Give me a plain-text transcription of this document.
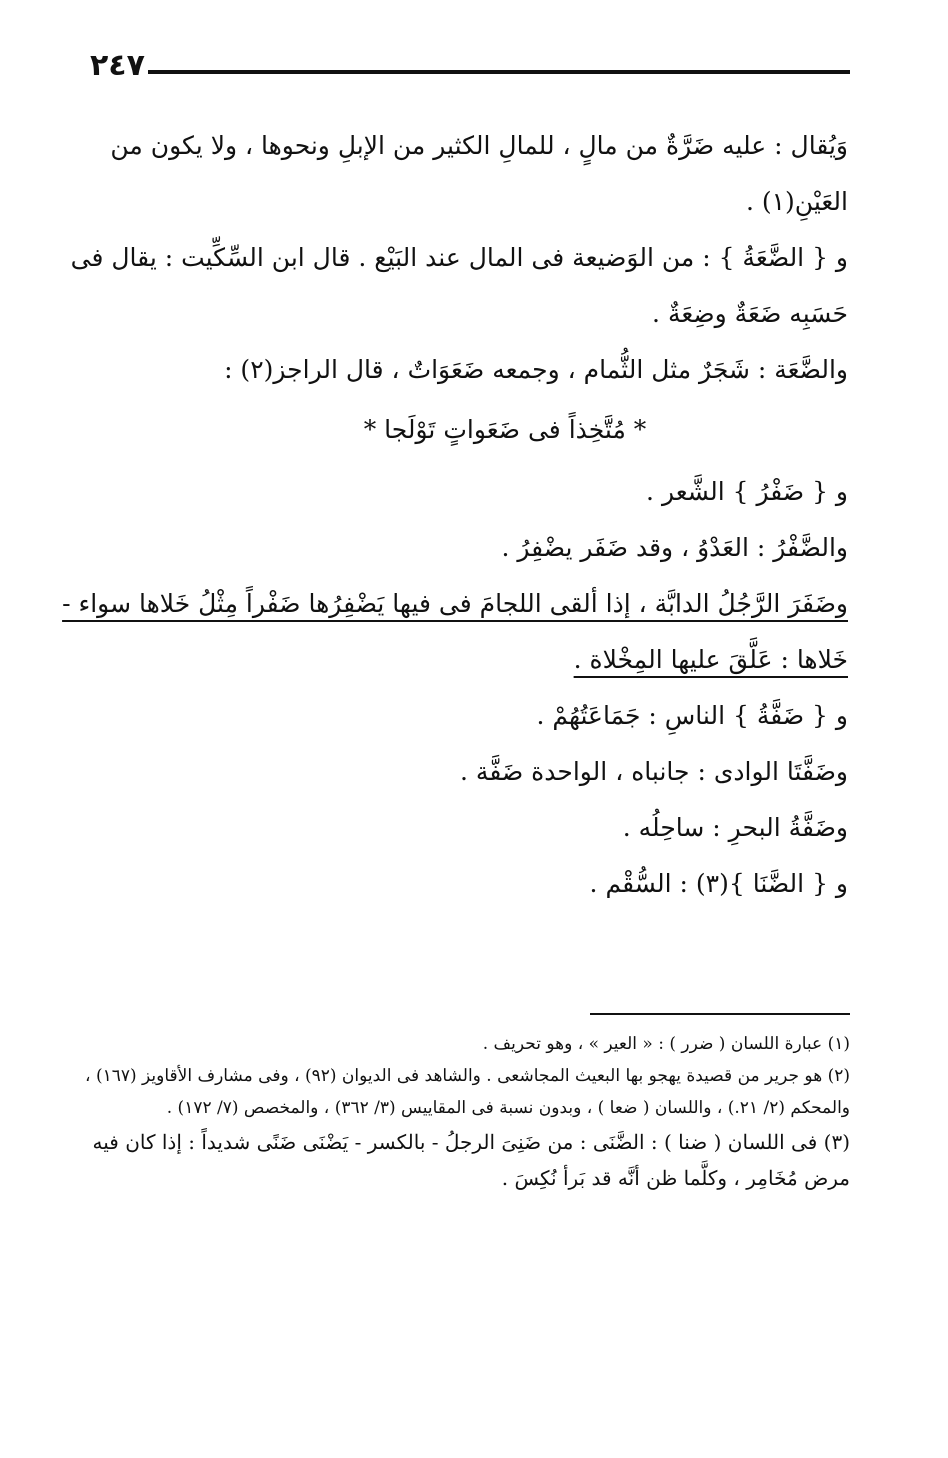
٢٤٧

وَيُقال : عليه ضَرَّةٌ من مالٍ ، للمالِ الكثير من الإبلِ ونحوها ، ولا يكون من العَيْنِ(١) .

و { الضَّعَةُ } : من الوَضيعة فى المال عند البَيْع . قال ابن السِّكِّيت : يقال فى حَسَبِه ضَعَةٌ وضِعَةٌ .

والضَّعَة : شَجَرٌ مثل الثُّمام ، وجمعه ضَعَوَاتٌ ، قال الراجز(٢) :

* مُتَّخِذاً فى ضَعَواتٍ تَوْلَجا *

و { ضَفْرُ } الشَّعر .

والضَّفْرُ : العَدْوُ ، وقد ضَفَر يضْفِرُ .

وضَفَرَ الرَّجُلُ الدابَّة ، إذا ألقى اللجامَ فى فيها يَضْفِرُها ضَفْراً مِثْلُ خَلاها سواء - خَلاها : عَلَّقَ عليها المِخْلاة .

و { ضَفَّةُ } الناسِ : جَمَاعَتُهُمْ .

وضَفَّتَا الوادى : جانباه ، الواحدة ضَفَّة .

وضَفَّةُ البحرِ : ساحِلُه .

و { الضَّنَا }(٣) : السُّقْم .

(١) عبارة اللسان ( ضرر ) : « العير » ، وهو تحريف .

(٢) هو جرير من قصيدة يهجو بها البعيث المجاشعى . والشاهد فى الديوان (٩٢) ، وفى مشارف الأقاويز (١٦٧) ، والمحكم (٢/ ٢١.) ، واللسان ( ضعا ) ، وبدون نسبة فى المقاييس (٣/ ٣٦٢) ، والمخصص (٧/ ١٧٢) .

(٣) فى اللسان ( ضنا ) : الضَّنَى : من ضَنِىَ الرجلُ - بالكسر - يَضْنَى ضَنًى شديداً : إذا كان فيه مرض مُخَامِر ، وكلَّما ظن أنَّه قد بَرأ نُكِسَ .
